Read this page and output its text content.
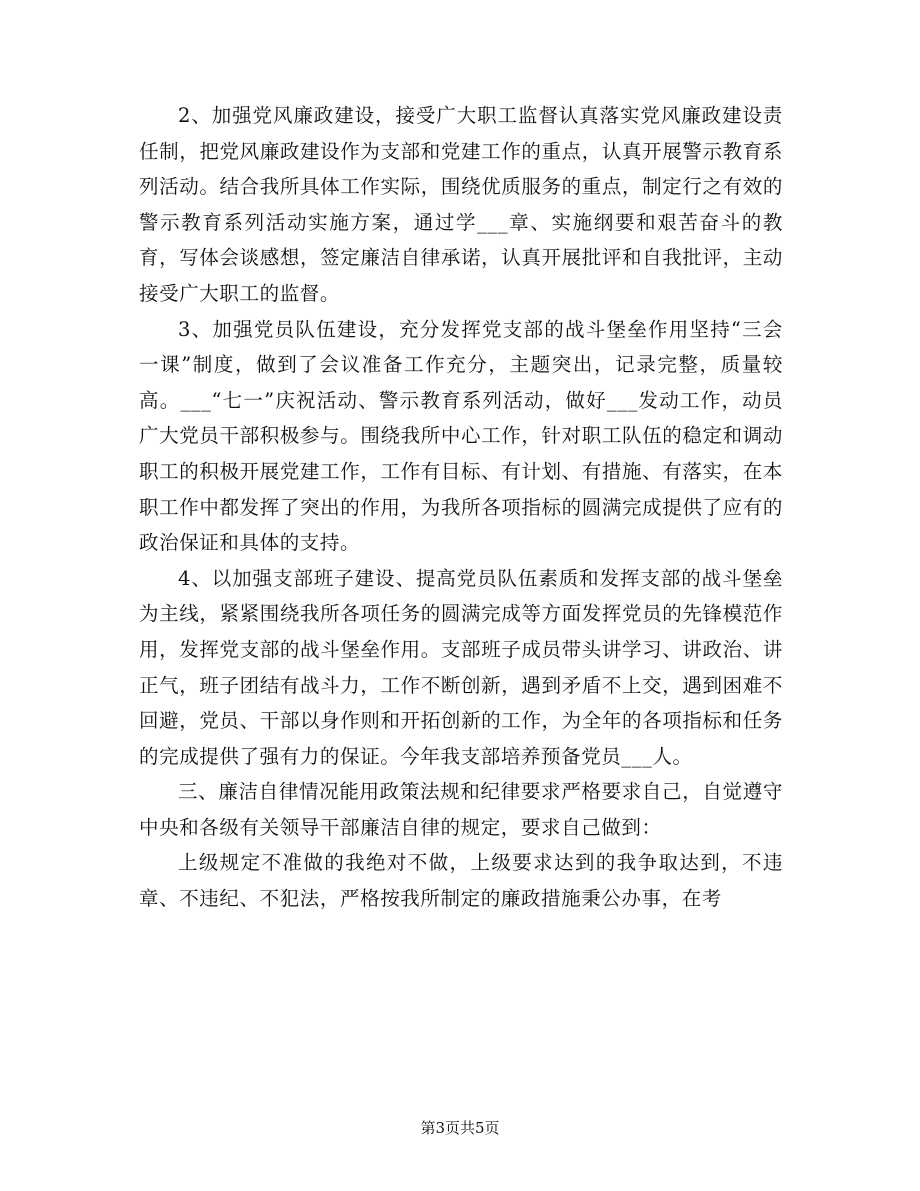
2、加强党风廉政建设，接受广大职工监督认真落实党风廉政建设责任制，把党风廉政建设作为支部和党建工作的重点，认真开展警示教育系列活动。结合我所具体工作实际，围绕优质服务的重点，制定行之有效的警示教育系列活动实施方案，通过学___章、实施纲要和艰苦奋斗的教育，写体会谈感想，签定廉洁自律承诺，认真开展批评和自我批评，主动接受广大职工的监督。

3、加强党员队伍建设，充分发挥党支部的战斗堡垒作用坚持“三会一课”制度，做到了会议准备工作充分，主题突出，记录完整，质量较高。___“七一”庆祝活动、警示教育系列活动，做好___发动工作，动员广大党员干部积极参与。围绕我所中心工作，针对职工队伍的稳定和调动职工的积极开展党建工作，工作有目标、有计划、有措施、有落实，在本职工作中都发挥了突出的作用，为我所各项指标的圆满完成提供了应有的政治保证和具体的支持。

4、以加强支部班子建设、提高党员队伍素质和发挥支部的战斗堡垒为主线，紧紧围绕我所各项任务的圆满完成等方面发挥党员的先锋模范作用，发挥党支部的战斗堡垒作用。支部班子成员带头讲学习、讲政治、讲正气，班子团结有战斗力，工作不断创新，遇到矛盾不上交，遇到困难不回避，党员、干部以身作则和开拓创新的工作，为全年的各项指标和任务的完成提供了强有力的保证。今年我支部培养预备党员___人。

三、廉洁自律情况能用政策法规和纪律要求严格要求自己，自觉遵守中央和各级有关领导干部廉洁自律的规定，要求自己做到：

上级规定不准做的我绝对不做，上级要求达到的我争取达到，不违章、不违纪、不犯法，严格按我所制定的廉政措施秉公办事，在考

第3页共5页
